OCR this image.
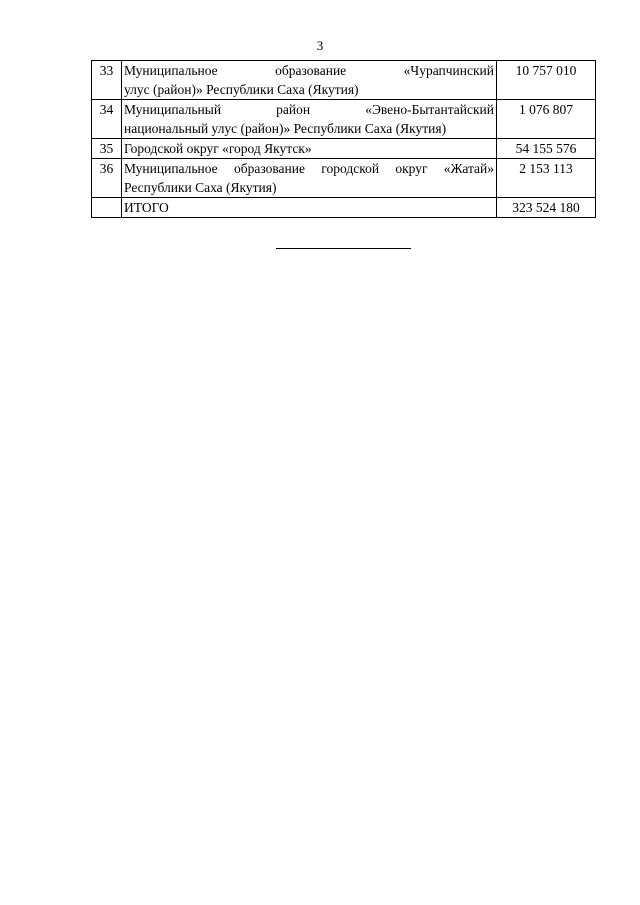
3
33	Муниципальное образование «Чурапчинский
улус (район)» Республики Саха (Якутия)	10 757 010
34	Муниципальный район «Эвено-Бытантайский
национальный улус (район)» Республики Саха (Якутия)	1 076 807
35	Городской округ «город Якутск»	54 155 576
36	Муниципальное образование городской округ «Жатай»
Республики Саха (Якутия)	2 153 113

	ИТОГО	323 524 180
